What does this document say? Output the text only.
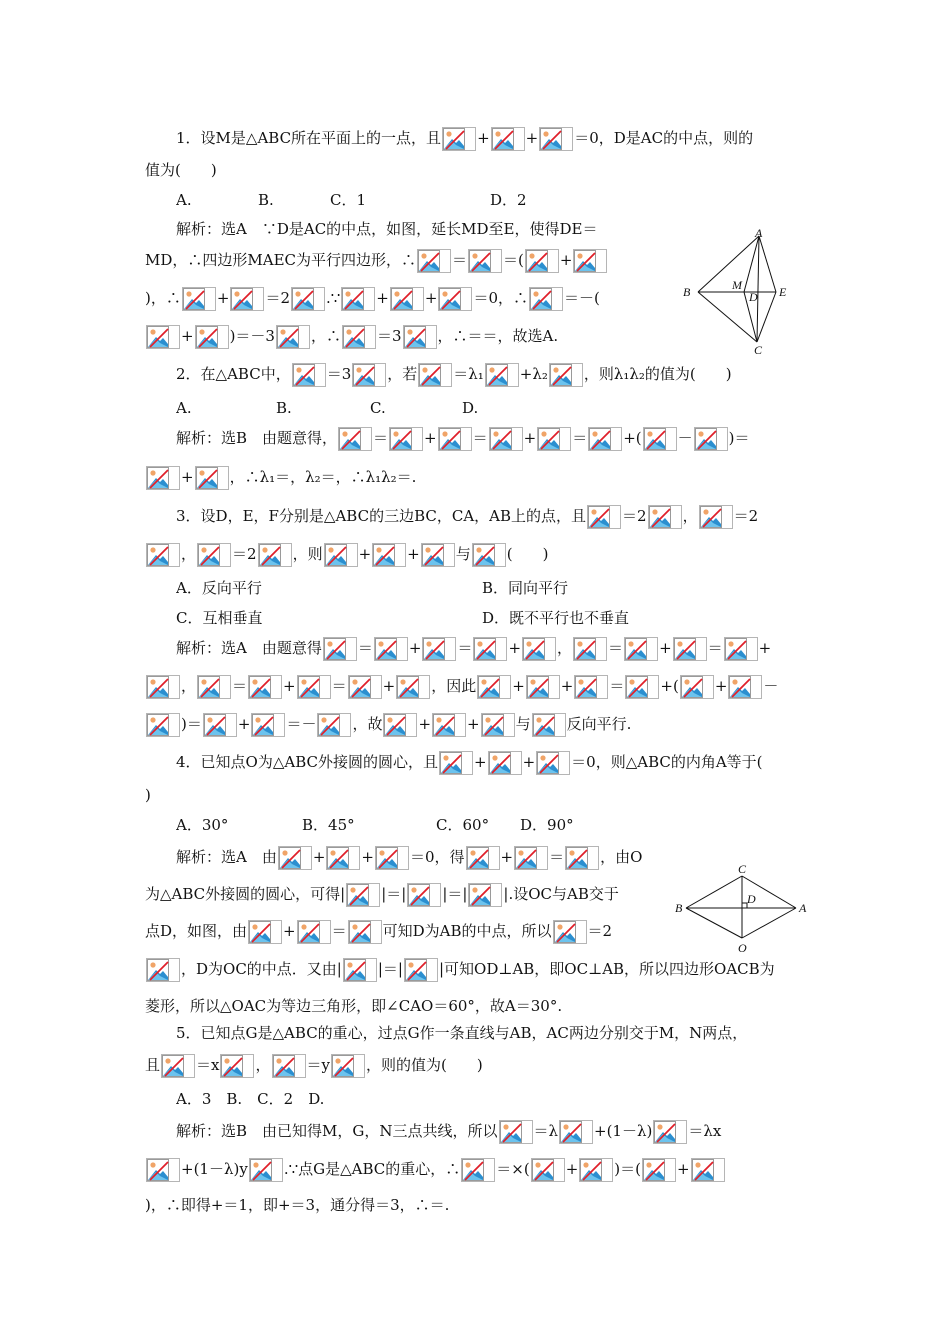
1．设M是△ABC所在平面上的一点，且 + + ＝0，D是AC的中点，则的
值为(　　)
A.	B.	C．1	D．2
解析：选A　∵D是AC的中点，如图，延长MD至E，使得DE＝
MD，∴四边形MAEC为平行四边形，∴ ＝ ＝( +
)，∴ + ＝2 .∵ + + ＝0，∴ ＝－(
+ )＝－3 ，∴ ＝3 ，∴＝＝，故选A.
A
B
C
M
D E
2．在△ABC中， ＝3 ，若 ＝λ₁ +λ₂ ，则λ₁λ₂的值为(　　)
A.	B.	C.	D.
解析：选B　由题意得， ＝ + ＝ + ＝ +( － )＝
+ ，∴λ₁＝，λ₂＝，∴λ₁λ₂＝.
3．设D，E，F分别是△ABC的三边BC，CA，AB上的点，且 ＝2 ， ＝2
， ＝2 ，则 + + 与 (　　)
A．反向平行	B．同向平行
C．互相垂直	D．既不平行也不垂直
解析：选A　由题意得 ＝ + ＝ + ， ＝ + ＝ +
， ＝ + ＝ + ，因此 + + ＝ +( + －
)＝ + ＝－ ，故 + + 与 反向平行.
4．已知点O为△ABC外接圆的圆心，且 + + ＝0，则△ABC的内角A等于(
)
A．30°	B．45°	C．60° D．90°
解析：选A　由 + + ＝0，得 + ＝ ，由O
为△ABC外接圆的圆心，可得| |＝| |＝| |.设OC与AB交于
点D，如图，由 + ＝ 可知D为AB的中点，所以 ＝2
，D为OC的中点．又由| |＝| |可知OD⊥AB，即OC⊥AB，所以四边形OACB为
菱形，所以△OAC为等边三角形，即∠CAO＝60°，故A＝30°.
C
D
B	A
O
5．已知点G是△ABC的重心，过点G作一条直线与AB，AC两边分别交于M，N两点，
且 ＝x ， ＝y ，则的值为(　　)
A．3　B.　C．2　D.
解析：选B　由已知得M，G，N三点共线，所以 ＝λ +(1－λ) ＝λx
+(1－λ)y .∵点G是△ABC的重心，∴ ＝×( + )＝( +
)，∴即得+＝1，即+＝3，通分得＝3，∴＝.
